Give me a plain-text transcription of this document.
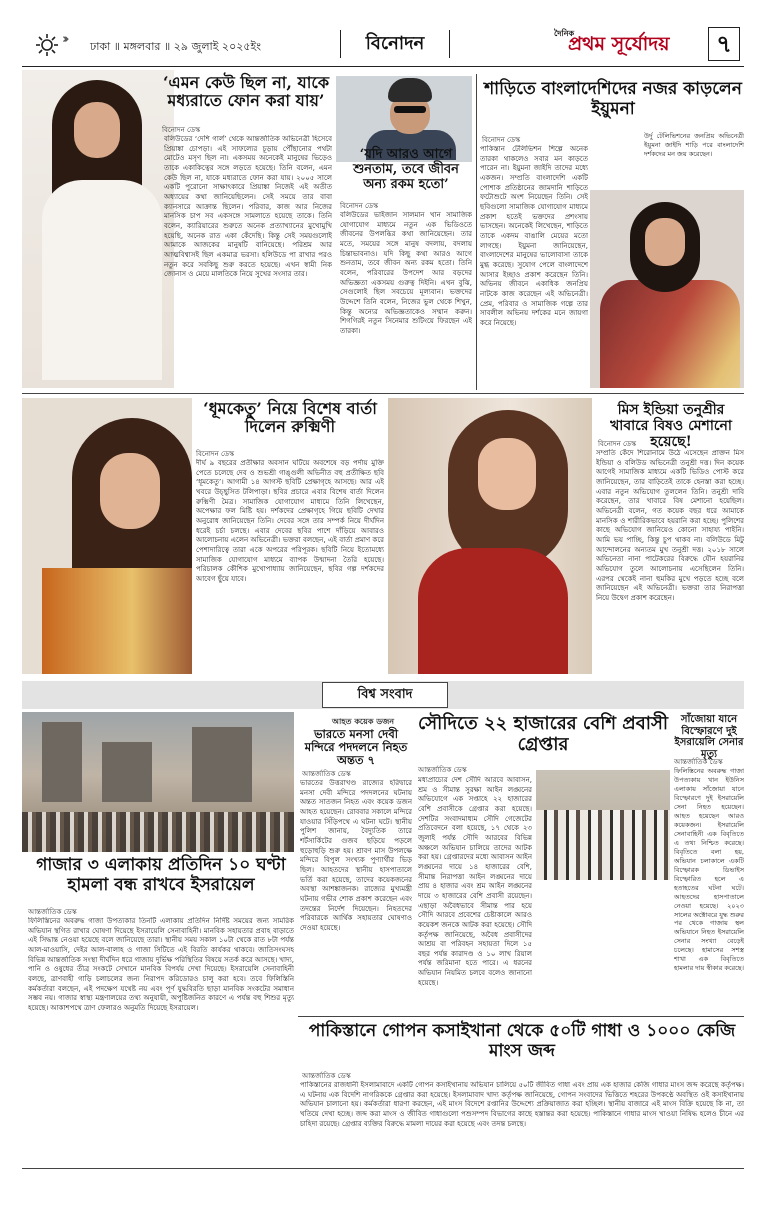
››› ঢাকা ॥ মঙ্গলবার ॥ ২৯ জুলাই ২০২৫ইং	বিনোদন	দৈনিক
প্রথম সূর্যোদয়	৭
‘এমন কেউ ছিল না, যাকে মধ্যরাতে ফোন করা যায়’
বিনোদন ডেস্ক
বলিউডের ‘দেশি গার্ল’ থেকে আন্তর্জাতিক অভিনেত্রী হিসেবে প্রিয়াঙ্কা চোপড়া। এই সাফল্যের চূড়ায় পৌঁছানোর পথটা মোটেও মসৃণ ছিল না। একসময় অনেকেই মানুষের ভিড়েও তাকে একাকিত্বের সঙ্গে লড়তে হয়েছে। তিনি বলেন, এমন কেউ ছিল না, যাকে মধ্যরাতে ফোন করা যায়। ২০০৫ সালে একটি পুরোনো সাক্ষাৎকারে প্রিয়াঙ্কা নিজেই এই অতীত অধ্যায়ের কথা জানিয়েছিলেন। সেই সময়ে তার বাবা ক্যানসারে আক্রান্ত ছিলেন। পরিবার, কাজ আর নিজের মানসিক চাপ সব একসঙ্গে সামলাতে হয়েছে তাকে। তিনি বলেন, ক্যারিয়ারের শুরুতে অনেক প্রত্যাখ্যানের মুখোমুখি হয়েছি, অনেক রাত একা কেঁদেছি। কিন্তু সেই সময়গুলোই আমাকে আজকের মানুষটি বানিয়েছে। পরিশ্রম আর আত্মবিশ্বাসই ছিল একমাত্র ভরসা। হলিউডে পা রাখার পরও নতুন করে সবকিছু শুরু করতে হয়েছে। এখন স্বামী নিক জোনাস ও মেয়ে মালতিকে নিয়ে সুখের সংসার তার।
‘যদি আরও আগে শুনতাম, তবে জীবন অন্য রকম হতো’
বিনোদন ডেস্ক
বলিউডের ভাইজান সালমান খান সামাজিক যোগাযোগ মাধ্যমে নতুন এক ভিডিওতে জীবনের উপলব্ধির কথা জানিয়েছেন। তার মতে, সময়ের সঙ্গে মানুষ বদলায়, বদলায় চিন্তাভাবনাও। যদি কিছু কথা আরও আগে শুনতাম, তবে জীবন অন্য রকম হতো। তিনি বলেন, পরিবারের উপদেশ আর বড়দের অভিজ্ঞতা একসময় গুরুত্ব দিইনি। এখন বুঝি, সেগুলোই ছিল সবচেয়ে মূল্যবান। ভক্তদের উদ্দেশে তিনি বলেন, নিজের ভুল থেকে শিখুন, কিন্তু অন্যের অভিজ্ঞতাকেও সম্মান করুন। শিগগিরই নতুন সিনেমার শুটিংয়ে ফিরছেন এই তারকা।
শাড়িতে বাংলাদেশিদের নজর কাড়লেন ইয়ুমনা
বিনোদন ডেস্ক	উর্দু টেলিভিশনের জনপ্রিয় অভিনেত্রী ইয়ুমনা জাইদি শাড়ি পরে বাংলাদেশি দর্শকদের মন জয় করেছেন।
পাকিস্তান টেলিভিশন শিল্পে অনেক তারকা থাকলেও সবার মন কাড়তে পারেন না। ইয়ুমনা জাইদি তাদের মধ্যে একজন। সম্প্রতি বাংলাদেশি একটি পোশাক প্রতিষ্ঠানের জামদানি শাড়িতে ফটোশুটে অংশ নিয়েছেন তিনি। সেই ছবিগুলো সামাজিক যোগাযোগ মাধ্যমে প্রকাশ হতেই ভক্তদের প্রশংসায় ভাসছেন। অনেকেই লিখেছেন, শাড়িতে তাকে একদম বাঙালি মেয়ের মতো লাগছে। ইয়ুমনা জানিয়েছেন, বাংলাদেশের মানুষের ভালোবাসা তাকে মুগ্ধ করেছে। সুযোগ পেলে বাংলাদেশে আসার ইচ্ছাও প্রকাশ করেছেন তিনি। অভিনয় জীবনে একাধিক জনপ্রিয় নাটকে কাজ করেছেন এই অভিনেত্রী। প্রেম, পরিবার ও সামাজিক গল্পে তার সাবলীল অভিনয় দর্শকের মনে জায়গা করে নিয়েছে।
‘ধূমকেতু’ নিয়ে বিশেষ বার্তা দিলেন রুক্মিণী
বিনোদন ডেস্ক
দীর্ঘ ৯ বছরের প্রতীক্ষার অবসান ঘটিয়ে অবশেষে বড় পর্দায় মুক্তি পেতে চলেছে দেব ও শুভশ্রী গাঙ্গুলী অভিনীত বহু প্রতীক্ষিত ছবি ‘ধূমকেতু’। আগামী ১৪ আগস্ট ছবিটি প্রেক্ষাগৃহে আসছে। আর এই খবরে উচ্ছ্বসিত টলিপাড়া। ছবির প্রচারে এবার বিশেষ বার্তা দিলেন রুক্মিণী মৈত্র। সামাজিক যোগাযোগ মাধ্যমে তিনি লিখেছেন, অপেক্ষার ফল মিষ্টি হয়। দর্শকদের প্রেক্ষাগৃহে গিয়ে ছবিটি দেখার অনুরোধ জানিয়েছেন তিনি। দেবের সঙ্গে তার সম্পর্ক নিয়ে দীর্ঘদিন ধরেই চর্চা চলছে। এবার দেবের ছবির পাশে দাঁড়িয়ে আবারও আলোচনায় এলেন অভিনেত্রী। ভক্তরা বলছেন, এই বার্তা প্রমাণ করে পেশাদারিত্বে তারা একে অপরের পরিপূরক। ছবিটি নিয়ে ইতোমধ্যে সামাজিক যোগাযোগ মাধ্যমে ব্যাপক উন্মাদনা তৈরি হয়েছে। পরিচালক কৌশিক মুখোপাধ্যায় জানিয়েছেন, ছবির গল্প দর্শকদের আবেগ ছুঁয়ে যাবে।
মিস ইন্ডিয়া তনুশ্রীর খাবারে বিষও মেশানো হয়েছে!
বিনোদন ডেস্ক
সম্প্রতি কেঁদে শিরোনামে উঠে এসেছেন প্রাক্তন মিস ইন্ডিয়া ও বলিউড অভিনেত্রী তনুশ্রী দত্ত। দিন কয়েক আগেই সামাজিক মাধ্যমে একটি ভিডিও পোস্ট করে জানিয়েছেন, তার বাড়িতেই তাকে হেনস্তা করা হচ্ছে। এবার নতুন অভিযোগ তুললেন তিনি। তনুশ্রী দাবি করেছেন, তার খাবারে বিষ মেশানো হয়েছিল। অভিনেত্রী বলেন, গত কয়েক বছর ধরে আমাকে মানসিক ও শারীরিকভাবে হয়রানি করা হচ্ছে। পুলিশের কাছে অভিযোগ জানিয়েও কোনো সাহায্য পাইনি। আমি ভয় পাচ্ছি, কিন্তু চুপ থাকব না। বলিউডে মিটু আন্দোলনের অন্যতম মুখ তনুশ্রী দত্ত। ২০১৮ সালে অভিনেতা নানা পাটেকরের বিরুদ্ধে যৌন হয়রানির অভিযোগ তুলে আলোচনায় এসেছিলেন তিনি। এরপর থেকেই নানা হুমকির মুখে পড়তে হচ্ছে বলে জানিয়েছেন এই অভিনেত্রী। ভক্তরা তার নিরাপত্তা নিয়ে উদ্বেগ প্রকাশ করেছেন।
বিশ্ব সংবাদ
গাজার ৩ এলাকায় প্রতিদিন ১০ ঘণ্টা হামলা বন্ধ রাখবে ইসরায়েল
আন্তর্জাতিক ডেস্ক
ফিলিস্তিনের অবরুদ্ধ গাজা উপত্যকার তিনটি এলাকায় প্রতিদিন নির্দিষ্ট সময়ের জন্য সামরিক অভিযান স্থগিত রাখার ঘোষণা দিয়েছে ইসরায়েলি সেনাবাহিনী। মানবিক সহায়তার প্রবাহ বাড়াতে এই সিদ্ধান্ত নেওয়া হয়েছে বলে জানিয়েছে তারা। স্থানীয় সময় সকাল ১০টা থেকে রাত ৮টা পর্যন্ত আল-মাওয়াসি, দেইর আল-বালাহ ও গাজা সিটিতে এই বিরতি কার্যকর থাকবে। জাতিসংঘসহ বিভিন্ন আন্তর্জাতিক সংস্থা দীর্ঘদিন ধরে গাজায় দুর্ভিক্ষ পরিস্থিতির বিষয়ে সতর্ক করে আসছে। খাদ্য, পানি ও ওষুধের তীব্র সংকটে সেখানে মানবিক বিপর্যয় দেখা দিয়েছে। ইসরায়েলি সেনাবাহিনী বলছে, ত্রাণবাহী গাড়ি চলাচলের জন্য নিরাপদ করিডোরও চালু করা হবে। তবে ফিলিস্তিনি কর্মকর্তারা বলছেন, এই পদক্ষেপ যথেষ্ট নয় এবং পূর্ণ যুদ্ধবিরতি ছাড়া মানবিক সংকটের সমাধান সম্ভব নয়। গাজার স্বাস্থ্য মন্ত্রণালয়ের তথ্য অনুযায়ী, অপুষ্টিজনিত কারণে এ পর্যন্ত বহু শিশুর মৃত্যু হয়েছে। আকাশপথে ত্রাণ ফেলারও অনুমতি দিয়েছে ইসরায়েল।
আহত কয়েক ডজন
ভারতে মনসা দেবী মন্দিরে পদদলনে নিহত অন্তত ৭
আন্তর্জাতিক ডেস্ক
ভারতের উত্তরাখণ্ড রাজ্যের হরিদ্বারে মনসা দেবী মন্দিরে পদদলনের ঘটনায় অন্তত সাতজন নিহত এবং কয়েক ডজন আহত হয়েছেন। রোববার সকালে মন্দিরে যাওয়ার সিঁড়িপথে এ ঘটনা ঘটে। স্থানীয় পুলিশ জানায়, বৈদ্যুতিক তারে শর্টসার্কিটের গুজব ছড়িয়ে পড়লে হুড়োহুড়ি শুরু হয়। শ্রাবণ মাস উপলক্ষে মন্দিরে বিপুল সংখ্যক পুণ্যার্থীর ভিড় ছিল। আহতদের স্থানীয় হাসপাতালে ভর্তি করা হয়েছে, তাদের কয়েকজনের অবস্থা আশঙ্কাজনক। রাজ্যের মুখ্যমন্ত্রী ঘটনায় গভীর শোক প্রকাশ করেছেন এবং তদন্তের নির্দেশ দিয়েছেন। নিহতদের পরিবারকে আর্থিক সহায়তার ঘোষণাও দেওয়া হয়েছে।
সৌদিতে ২২ হাজারের বেশি প্রবাসী গ্রেপ্তার
আন্তর্জাতিক ডেস্ক
মধ্যপ্রাচ্যের দেশ সৌদি আরবে আবাসন, শ্রম ও সীমান্ত সুরক্ষা আইন লঙ্ঘনের অভিযোগে এক সপ্তাহে ২২ হাজারের বেশি প্রবাসীকে গ্রেপ্তার করা হয়েছে। দেশটির সংবাদমাধ্যম সৌদি গেজেটের প্রতিবেদনে বলা হয়েছে, ১৭ থেকে ২৩ জুলাই পর্যন্ত সৌদি আরবের বিভিন্ন অঞ্চলে অভিযান চালিয়ে তাদের আটক করা হয়। গ্রেপ্তারদের মধ্যে আবাসন আইন লঙ্ঘনের দায়ে ১৪ হাজারের বেশি, সীমান্ত নিরাপত্তা আইন লঙ্ঘনের দায়ে প্রায় ৪ হাজার এবং শ্রম আইন লঙ্ঘনের দায়ে ৩ হাজারের বেশি প্রবাসী রয়েছেন। এছাড়া অবৈধভাবে সীমান্ত পার হয়ে সৌদি আরবে প্রবেশের চেষ্টাকালে আরও কয়েকশ জনকে আটক করা হয়েছে। সৌদি কর্তৃপক্ষ জানিয়েছে, অবৈধ প্রবাসীদের আশ্রয় বা পরিবহন সহায়তা দিলে ১৫ বছর পর্যন্ত কারাদণ্ড ও ১০ লাখ রিয়াল পর্যন্ত জরিমানা হতে পারে। এ ধরনের অভিযান নিয়মিত চলবে বলেও জানানো হয়েছে।
সাঁজোয়া যানে বিস্ফোরণে দুই ইসরায়েলি সেনার মৃত্যু
আন্তর্জাতিক ডেস্ক
ফিলিস্তিনের অবরুদ্ধ গাজা উপত্যকায় খান ইউনিস এলাকায় সাঁজোয়া যানে বিস্ফোরণে দুই ইসরায়েলি সেনা নিহত হয়েছেন। আহত হয়েছেন আরও কয়েকজন। ইসরায়েলি সেনাবাহিনী এক বিবৃতিতে এ তথ্য নিশ্চিত করেছে। বিবৃতিতে বলা হয়, অভিযান চলাকালে একটি বিস্ফোরক ডিভাইস বিস্ফোরিত হলে এ হতাহতের ঘটনা ঘটে। আহতদের হাসপাতালে নেওয়া হয়েছে। ২০২৩ সালের অক্টোবরে যুদ্ধ শুরুর পর থেকে গাজায় স্থল অভিযানে নিহত ইসরায়েলি সেনার সংখ্যা বেড়েই চলেছে। হামাসের সশস্ত্র শাখা এক বিবৃতিতে হামলার দায় স্বীকার করেছে।
পাকিস্তানে গোপন কসাইখানা থেকে ৫০টি গাধা ও ১০০০ কেজি মাংস জব্দ
আন্তর্জাতিক ডেস্ক
পাকিস্তানের রাজধানী ইসলামাবাদে একটি গোপন কসাইখানায় অভিযান চালিয়ে ৫০টি জীবিত গাধা এবং প্রায় এক হাজার কেজি গাধার মাংস জব্দ করেছে কর্তৃপক্ষ। এ ঘটনায় এক বিদেশি নাগরিককে গ্রেপ্তার করা হয়েছে। ইসলামাবাদ খাদ্য কর্তৃপক্ষ জানিয়েছে, গোপন সংবাদের ভিত্তিতে শহরের উপকণ্ঠে অবস্থিত ওই কসাইখানায় অভিযান চালানো হয়। কর্মকর্তারা ধারণা করছেন, এই মাংস বিদেশে রপ্তানির উদ্দেশ্যে প্রক্রিয়াজাত করা হচ্ছিল। স্থানীয় বাজারে এই মাংস বিক্রি হয়েছে কি না, তা খতিয়ে দেখা হচ্ছে। জব্দ করা মাংস ও জীবিত গাধাগুলো পশুসম্পদ বিভাগের কাছে হস্তান্তর করা হয়েছে। পাকিস্তানে গাধার মাংস খাওয়া নিষিদ্ধ হলেও চীনে এর চাহিদা রয়েছে। গ্রেপ্তার ব্যক্তির বিরুদ্ধে মামলা দায়ের করা হয়েছে এবং তদন্ত চলছে।
